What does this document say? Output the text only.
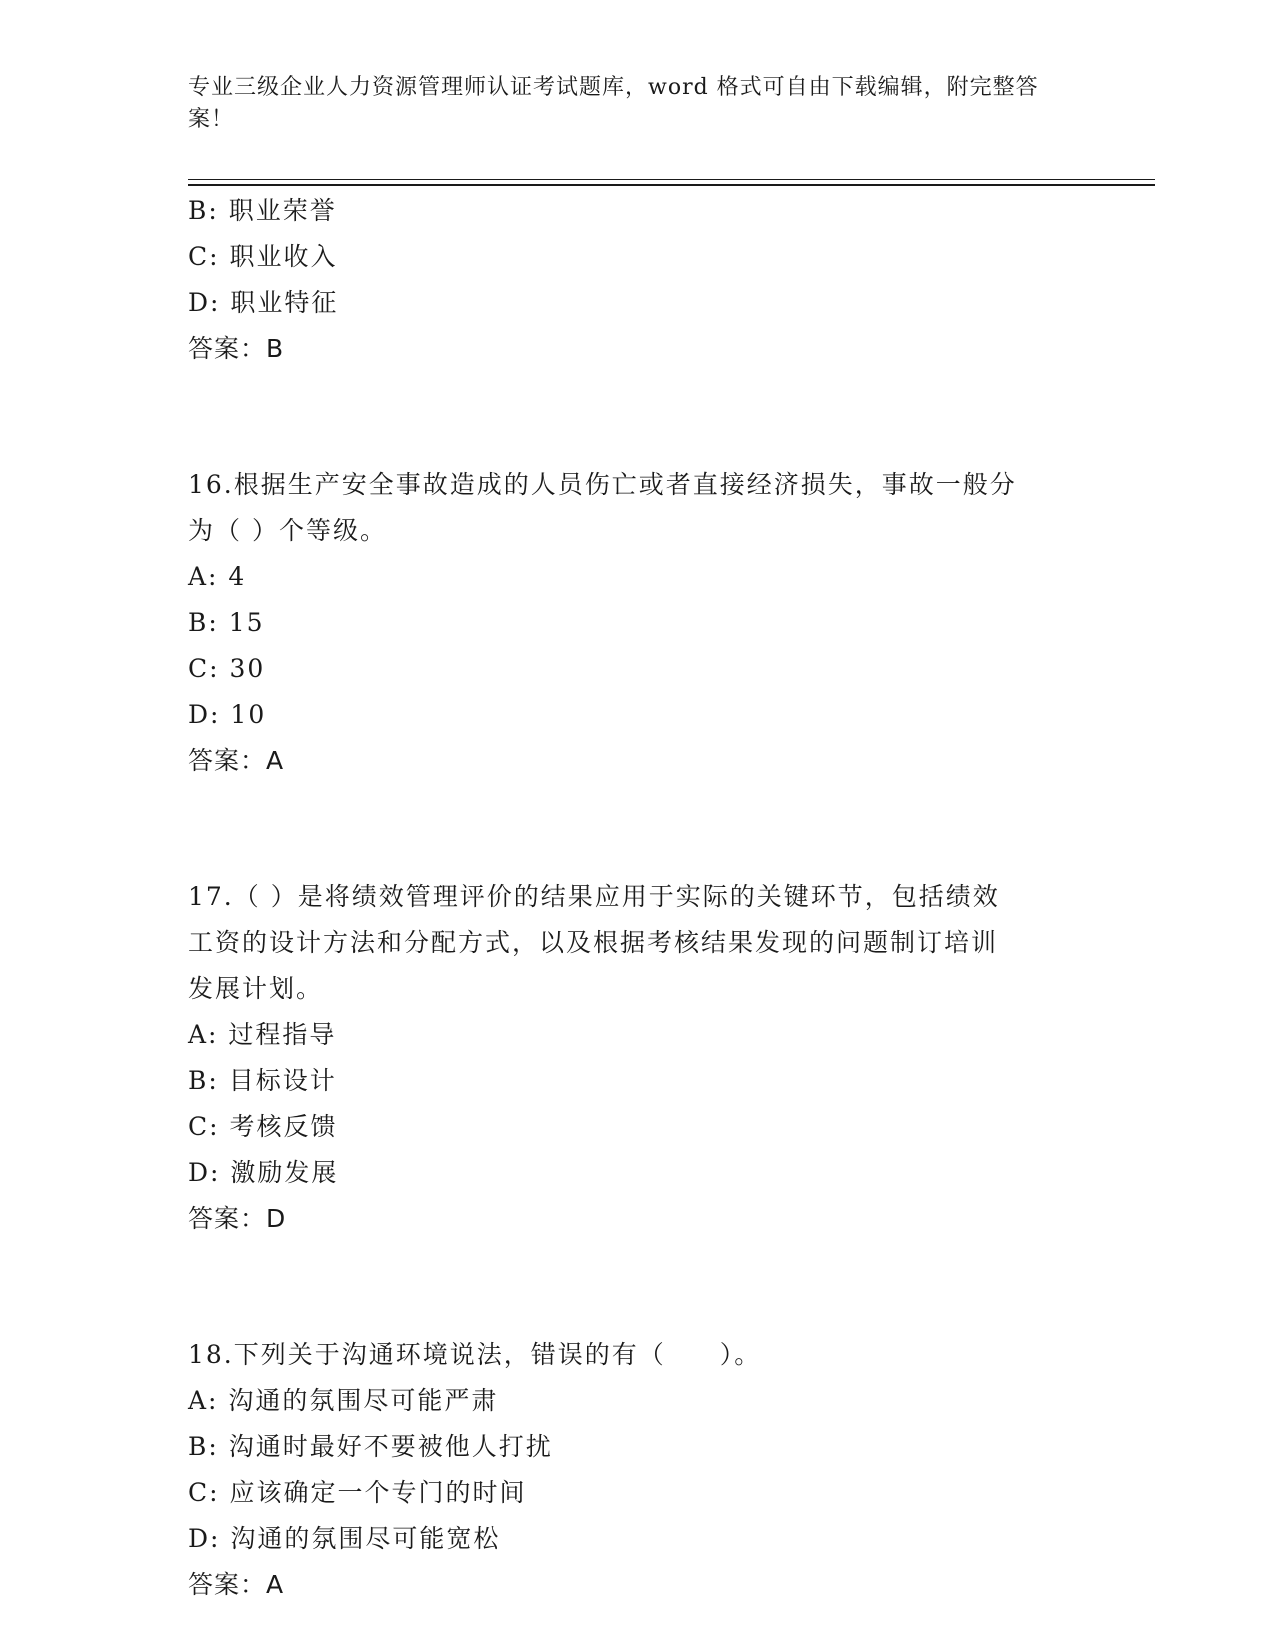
专业三级企业人力资源管理师认证考试题库，word 格式可自由下载编辑，附完整答案！
B: 职业荣誉
C: 职业收入
D: 职业特征
答案：B
16.根据生产安全事故造成的人员伤亡或者直接经济损失，事故一般分
为（ ）个等级。
A: 4
B: 15
C: 30
D: 10
答案：A
17.（ ）是将绩效管理评价的结果应用于实际的关键环节，包括绩效
工资的设计方法和分配方式，以及根据考核结果发现的问题制订培训
发展计划。
A: 过程指导
B: 目标设计
C: 考核反馈
D: 激励发展
答案：D
18.下列关于沟通环境说法，错误的有（　　）。
A: 沟通的氛围尽可能严肃
B: 沟通时最好不要被他人打扰
C: 应该确定一个专门的时间
D: 沟通的氛围尽可能宽松
答案：A
